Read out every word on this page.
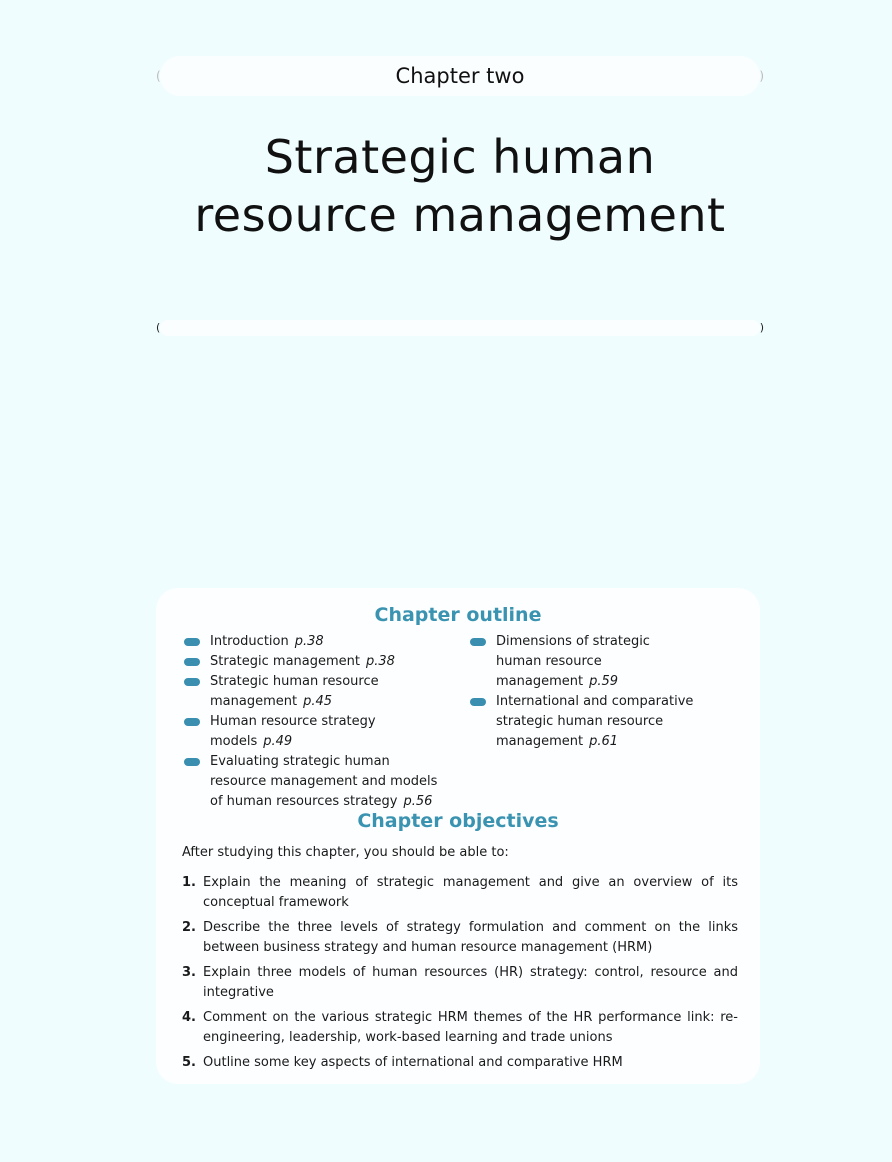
(	Chapter two	)
Strategic human
resource management
(	)
Chapter outline
Introduction p.38
Strategic management p.38
Strategic human resource management p.45
Human resource strategy models p.49
Evaluating strategic human resource management and models of human resources strategy p.56
Dimensions of strategic human resource management p.59
International and comparative strategic human resource management p.61
Chapter objectives

After studying this chapter, you should be able to:

1. Explain the meaning of strategic management and give an overview of its conceptual framework
2. Describe the three levels of strategy formulation and comment on the links between business strategy and human resource management (HRM)
3. Explain three models of human resources (HR) strategy: control, resource and integrative
4. Comment on the various strategic HRM themes of the HR performance link: re-engineering, leadership, work-based learning and trade unions
5. Outline some key aspects of international and comparative HRM
